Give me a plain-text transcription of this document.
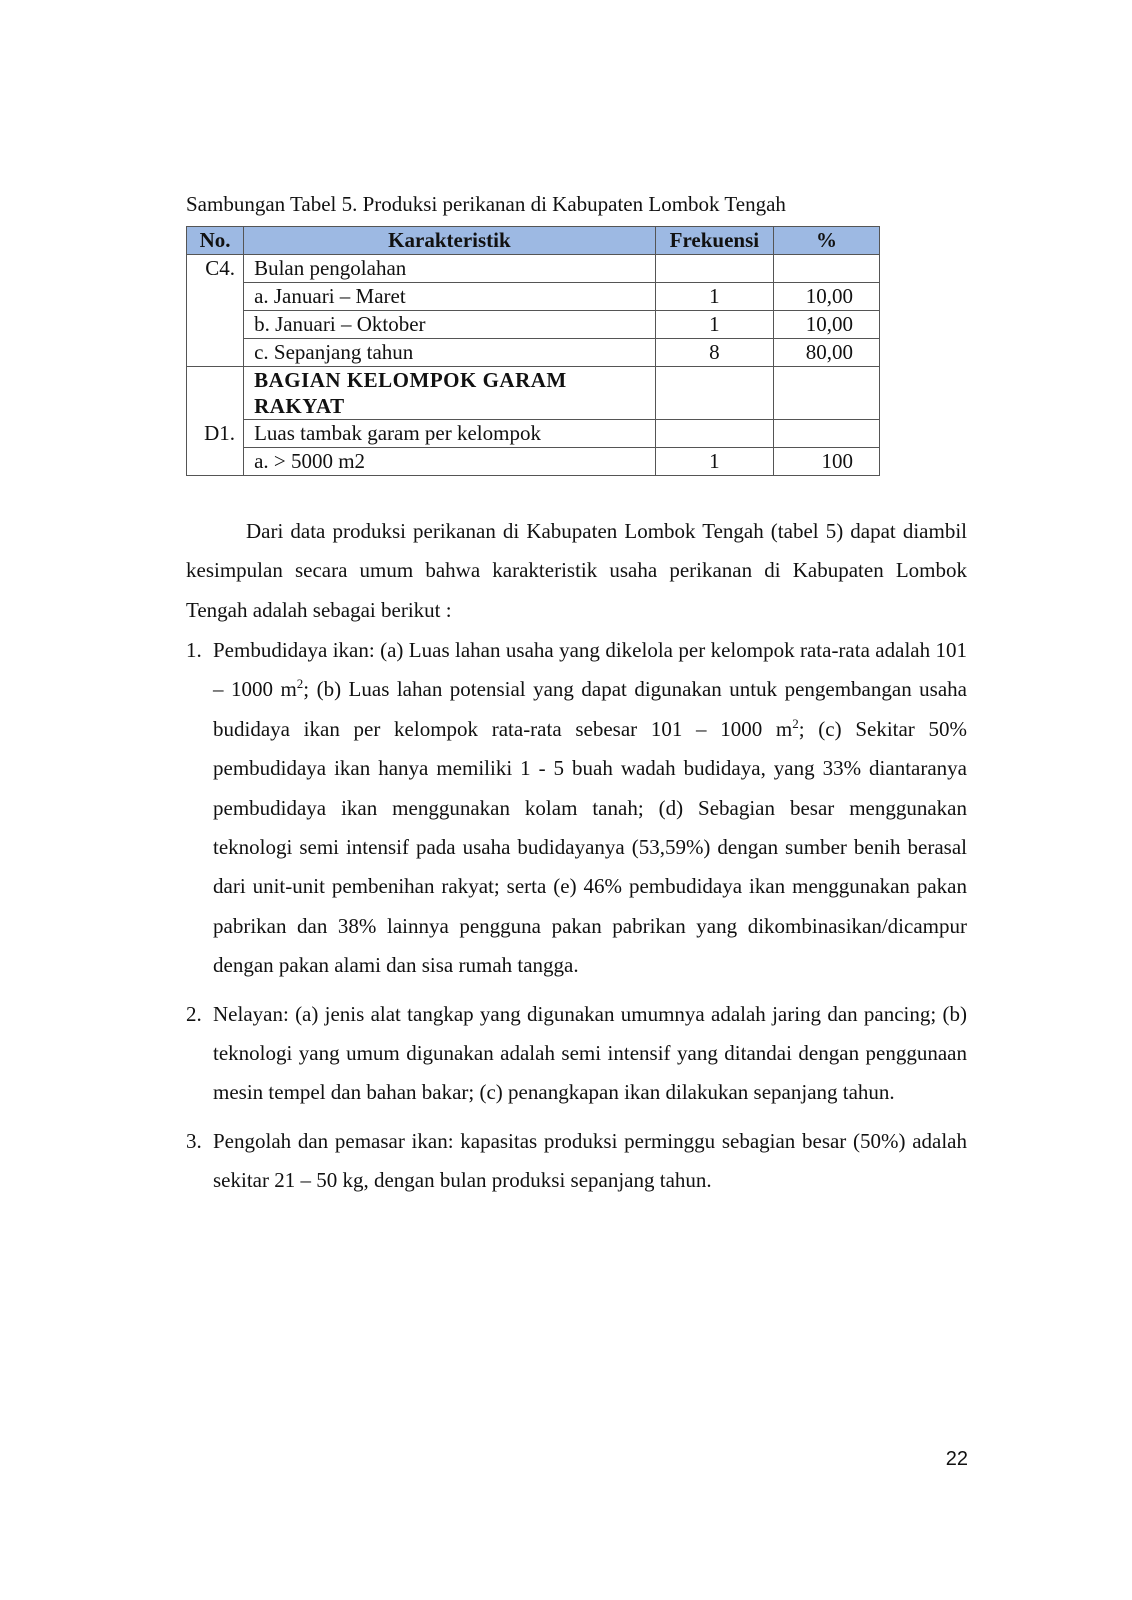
Sambungan Tabel 5. Produksi perikanan di Kabupaten Lombok Tengah
No.	Karakteristik	Frekuensi	%
C4.	Bulan pengolahan		
	a. Januari – Maret	1	10,00
	b. Januari – Oktober	1	10,00
	c. Sepanjang tahun	8	80,00
	BAGIAN KELOMPOK GARAM RAKYAT		
D1.	Luas tambak garam per kelompok		
	a. > 5000 m2	1	100

Dari data produksi perikanan di Kabupaten Lombok Tengah (tabel 5) dapat diambil kesimpulan secara umum bahwa karakteristik usaha perikanan di Kabupaten Lombok Tengah adalah sebagai berikut :

1. Pembudidaya ikan: (a) Luas lahan usaha yang dikelola per kelompok rata-rata adalah 101 – 1000 $m^2$; (b) Luas lahan potensial yang dapat digunakan untuk pengembangan usaha budidaya ikan per kelompok rata-rata sebesar 101 – 1000 $m^2$; (c) Sekitar 50% pembudidaya ikan hanya memiliki 1 - 5 buah wadah budidaya, yang 33% diantaranya pembudidaya ikan menggunakan kolam tanah; (d) Sebagian besar menggunakan teknologi semi intensif pada usaha budidayanya (53,59%) dengan sumber benih berasal dari unit-unit pembenihan rakyat; serta (e) 46% pembudidaya ikan menggunakan pakan pabrikan dan 38% lainnya pengguna pakan pabrikan yang dikombinasikan/dicampur dengan pakan alami dan sisa rumah tangga.
2. Nelayan: (a) jenis alat tangkap yang digunakan umumnya adalah jaring dan pancing; (b) teknologi yang umum digunakan adalah semi intensif yang ditandai dengan penggunaan mesin tempel dan bahan bakar; (c) penangkapan ikan dilakukan sepanjang tahun.
3. Pengolah dan pemasar ikan: kapasitas produksi perminggu sebagian besar (50%) adalah sekitar 21 – 50 kg, dengan bulan produksi sepanjang tahun.
22
